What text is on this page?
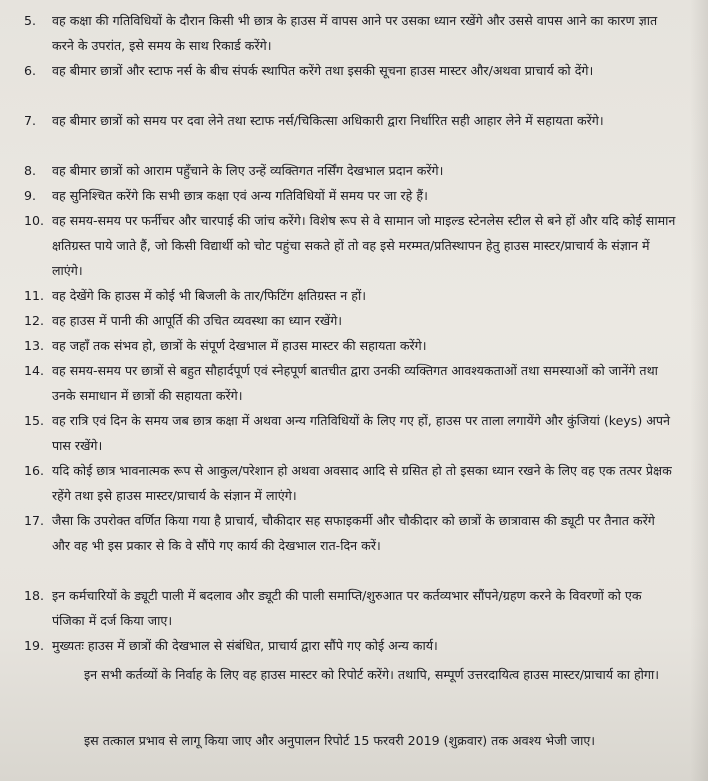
5.	वह कक्षा की गतिविधियों के दौरान किसी भी छात्र के हाउस में वापस आने पर उसका ध्यान रखेंगे और उससे वापस आने का कारण ज्ञात करने के उपरांत, इसे समय के साथ रिकार्ड करेंगे।
6.	वह बीमार छात्रों और स्टाफ नर्स के बीच संपर्क स्थापित करेंगे तथा इसकी सूचना हाउस मास्टर और/अथवा प्राचार्य को देंगे।
7.	वह बीमार छात्रों को समय पर दवा लेने तथा स्टाफ नर्स/चिकित्सा अधिकारी द्वारा निर्धारित सही आहार लेने में सहायता करेंगे।
8.	वह बीमार छात्रों को आराम पहुँचाने के लिए उन्हें व्यक्तिगत नर्सिंग देखभाल प्रदान करेंगे।
9.	वह सुनिश्चित करेंगे कि सभी छात्र कक्षा एवं अन्य गतिविधियों में समय पर जा रहे हैं।
10. वह समय-समय पर फर्नीचर और चारपाई की जांच करेंगे। विशेष रूप से वे सामान जो माइल्ड स्टेनलेस स्टील से बने हों और यदि कोई सामान क्षतिग्रस्त पाये जाते हैं, जो किसी विद्यार्थी को चोट पहुंचा सकते हों तो वह इसे मरम्मत/प्रतिस्थापन हेतु हाउस मास्टर/प्राचार्य के संज्ञान में लाएंगे।
11. वह देखेंगे कि हाउस में कोई भी बिजली के तार/फिटिंग क्षतिग्रस्त न हों।
12. वह हाउस में पानी की आपूर्ति की उचित व्यवस्था का ध्यान रखेंगे।
13. वह जहाँ तक संभव हो, छात्रों के संपूर्ण देखभाल में हाउस मास्टर की सहायता करेंगे।
14. वह समय-समय पर छात्रों से बहुत सौहार्दपूर्ण एवं स्नेहपूर्ण बातचीत द्वारा उनकी व्यक्तिगत आवश्यकताओं तथा समस्याओं को जानेंगे तथा उनके समाधान में छात्रों की सहायता करेंगे।
15. वह रात्रि एवं दिन के समय जब छात्र कक्षा में अथवा अन्य गतिविधियों के लिए गए हों, हाउस पर ताला लगायेंगे और कुंजियां (keys) अपने पास रखेंगे।
16. यदि कोई छात्र भावनात्मक रूप से आकुल/परेशान हो अथवा अवसाद आदि से ग्रसित हो तो इसका ध्यान रखने के लिए वह एक तत्पर प्रेक्षक रहेंगे तथा इसे हाउस मास्टर/प्राचार्य के संज्ञान में लाएंगे।
17. जैसा कि उपरोक्त वर्णित किया गया है प्राचार्य, चौकीदार सह सफाइकर्मी और चौकीदार को छात्रों के छात्रावास की ड्यूटी पर तैनात करेंगे और वह भी इस प्रकार से कि वे सौंपे गए कार्य की देखभाल रात-दिन करें।
18. इन कर्मचारियों के ड्यूटी पाली में बदलाव और ड्यूटी की पाली समाप्ति/शुरुआत पर कर्तव्यभार सौंपने/ग्रहण करने के विवरणों को एक पंजिका में दर्ज किया जाए।
19. मुख्यतः हाउस में छात्रों की देखभाल से संबंधित, प्राचार्य द्वारा सौंपे गए कोई अन्य कार्य।

इन सभी कर्तव्यों के निर्वाह के लिए वह हाउस मास्टर को रिपोर्ट करेंगे। तथापि, सम्पूर्ण उत्तरदायित्व हाउस मास्टर/प्राचार्य का होगा।

इस तत्काल प्रभाव से लागू किया जाए और अनुपालन रिपोर्ट 15 फरवरी 2019 (शुक्रवार) तक अवश्य भेजी जाए।
